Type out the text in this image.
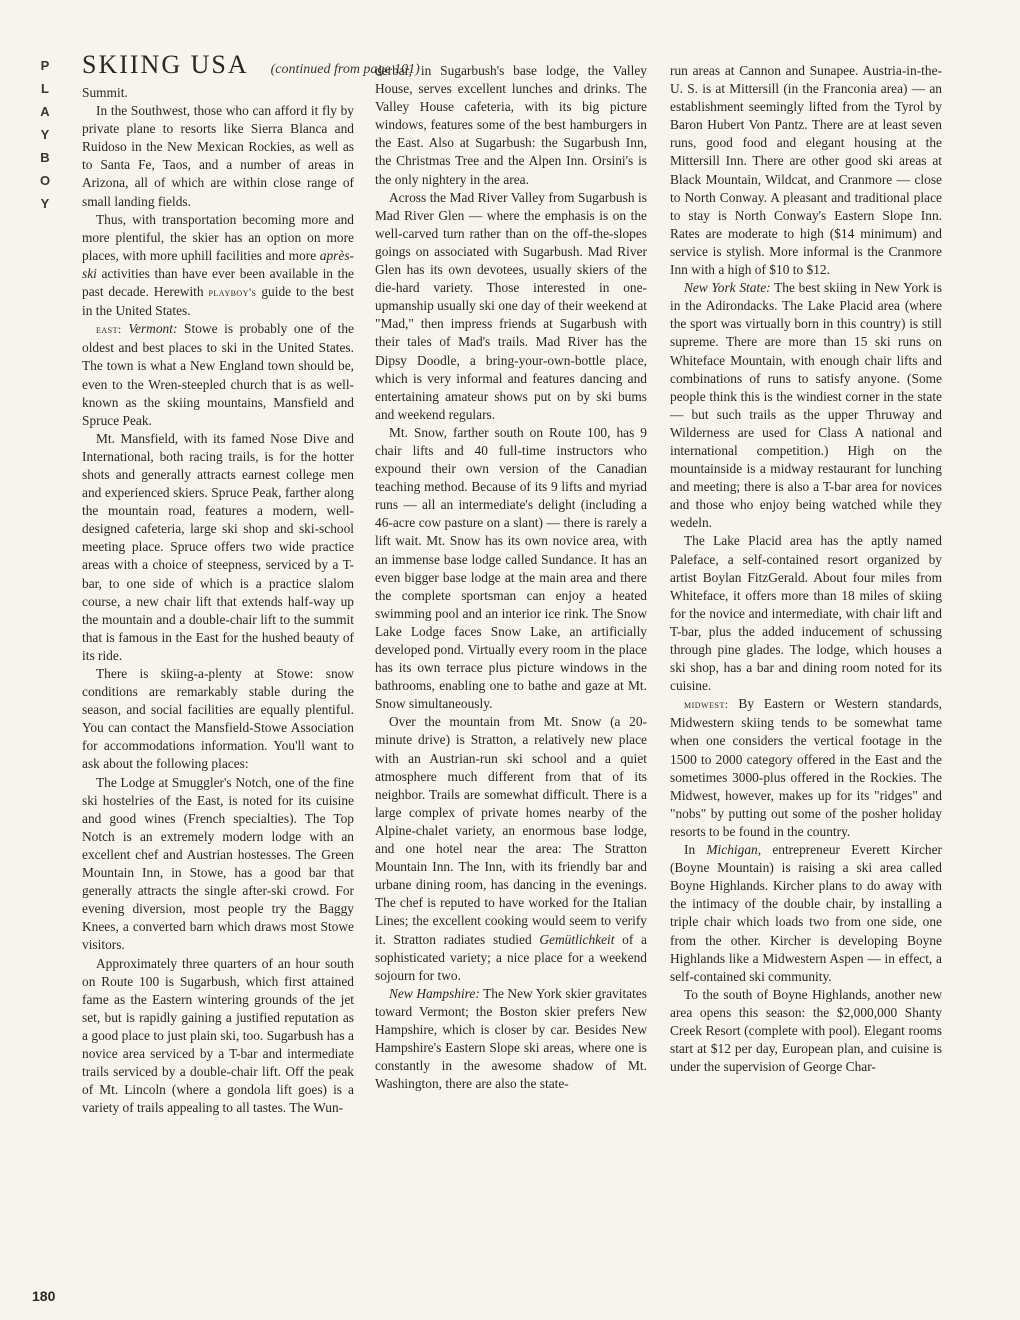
P
L
A
Y
B
O
Y
SKIING USA (continued from page 101)

Summit.

In the Southwest, those who can afford it fly by private plane to resorts like Sierra Blanca and Ruidoso in the New Mexican Rockies, as well as to Santa Fe, Taos, and a number of areas in Arizona, all of which are within close range of small landing fields.

Thus, with transportation becoming more and more plentiful, the skier has an option on more places, with more uphill facilities and more après-ski activities than have ever been available in the past decade. Herewith playboy's guide to the best in the United States.

east: Vermont: Stowe is probably one of the oldest and best places to ski in the United States. The town is what a New England town should be, even to the Wren-steepled church that is as well-known as the skiing mountains, Mansfield and Spruce Peak.

Mt. Mansfield, with its famed Nose Dive and International, both racing trails, is for the hotter shots and generally attracts earnest college men and experienced skiers. Spruce Peak, farther along the mountain road, features a modern, well-designed cafeteria, large ski shop and ski-school meeting place. Spruce offers two wide practice areas with a choice of steepness, serviced by a T-bar, to one side of which is a practice slalom course, a new chair lift that extends half-way up the mountain and a double-chair lift to the summit that is famous in the East for the hushed beauty of its ride.

There is skiing-a-plenty at Stowe: snow conditions are remarkably stable during the season, and social facilities are equally plentiful. You can contact the Mansfield-Stowe Association for accommodations information. You'll want to ask about the following places:

The Lodge at Smuggler's Notch, one of the fine ski hostelries of the East, is noted for its cuisine and good wines (French specialties). The Top Notch is an extremely modern lodge with an excellent chef and Austrian hostesses. The Green Mountain Inn, in Stowe, has a good bar that generally attracts the single after-ski crowd. For evening diversion, most people try the Baggy Knees, a converted barn which draws most Stowe visitors.

Approximately three quarters of an hour south on Route 100 is Sugarbush, which first attained fame as the Eastern wintering grounds of the jet set, but is rapidly gaining a justified reputation as a good place to just plain ski, too. Sugarbush has a novice area serviced by a T-bar and intermediate trails serviced by a double-chair lift. Off the peak of Mt. Lincoln (where a gondola lift goes) is a variety of trails appealing to all tastes. The Wun-

derbar, in Sugarbush's base lodge, the Valley House, serves excellent lunches and drinks. The Valley House cafeteria, with its big picture windows, features some of the best hamburgers in the East. Also at Sugarbush: the Sugarbush Inn, the Christmas Tree and the Alpen Inn. Orsini's is the only nightery in the area.

Across the Mad River Valley from Sugarbush is Mad River Glen — where the emphasis is on the well-carved turn rather than on the off-the-slopes goings on associated with Sugarbush. Mad River Glen has its own devotees, usually skiers of the die-hard variety. Those interested in one-upmanship usually ski one day of their weekend at "Mad," then impress friends at Sugarbush with their tales of Mad's trails. Mad River has the Dipsy Doodle, a bring-your-own-bottle place, which is very informal and features dancing and entertaining amateur shows put on by ski bums and weekend regulars.

Mt. Snow, farther south on Route 100, has 9 chair lifts and 40 full-time instructors who expound their own version of the Canadian teaching method. Because of its 9 lifts and myriad runs — all an intermediate's delight (including a 46-acre cow pasture on a slant) — there is rarely a lift wait. Mt. Snow has its own novice area, with an immense base lodge called Sundance. It has an even bigger base lodge at the main area and there the complete sportsman can enjoy a heated swimming pool and an interior ice rink. The Snow Lake Lodge faces Snow Lake, an artificially developed pond. Virtually every room in the place has its own terrace plus picture windows in the bathrooms, enabling one to bathe and gaze at Mt. Snow simultaneously.

Over the mountain from Mt. Snow (a 20-minute drive) is Stratton, a relatively new place with an Austrian-run ski school and a quiet atmosphere much different from that of its neighbor. Trails are somewhat difficult. There is a large complex of private homes nearby of the Alpine-chalet variety, an enormous base lodge, and one hotel near the area: The Stratton Mountain Inn. The Inn, with its friendly bar and urbane dining room, has dancing in the evenings. The chef is reputed to have worked for the Italian Lines; the excellent cooking would seem to verify it. Stratton radiates studied Gemütlichkeit of a sophisticated variety; a nice place for a weekend sojourn for two.

New Hampshire: The New York skier gravitates toward Vermont; the Boston skier prefers New Hampshire, which is closer by car. Besides New Hampshire's Eastern Slope ski areas, where one is constantly in the awesome shadow of Mt. Washington, there are also the state-

run areas at Cannon and Sunapee. Austria-in-the-U. S. is at Mittersill (in the Franconia area) — an establishment seemingly lifted from the Tyrol by Baron Hubert Von Pantz. There are at least seven runs, good food and elegant housing at the Mittersill Inn. There are other good ski areas at Black Mountain, Wildcat, and Cranmore — close to North Conway. A pleasant and traditional place to stay is North Conway's Eastern Slope Inn. Rates are moderate to high ($14 minimum) and service is stylish. More informal is the Cranmore Inn with a high of $10 to $12.

New York State: The best skiing in New York is in the Adirondacks. The Lake Placid area (where the sport was virtually born in this country) is still supreme. There are more than 15 ski runs on Whiteface Mountain, with enough chair lifts and combinations of runs to satisfy anyone. (Some people think this is the windiest corner in the state — but such trails as the upper Thruway and Wilderness are used for Class A national and international competition.) High on the mountainside is a midway restaurant for lunching and meeting; there is also a T-bar area for novices and those who enjoy being watched while they wedeln.

The Lake Placid area has the aptly named Paleface, a self-contained resort organized by artist Boylan FitzGerald. About four miles from Whiteface, it offers more than 18 miles of skiing for the novice and intermediate, with chair lift and T-bar, plus the added inducement of schussing through pine glades. The lodge, which houses a ski shop, has a bar and dining room noted for its cuisine.

midwest: By Eastern or Western standards, Midwestern skiing tends to be somewhat tame when one considers the vertical footage in the 1500 to 2000 category offered in the East and the sometimes 3000-plus offered in the Rockies. The Midwest, however, makes up for its "ridges" and "nobs" by putting out some of the posher holiday resorts to be found in the country.

In Michigan, entrepreneur Everett Kircher (Boyne Mountain) is raising a ski area called Boyne Highlands. Kircher plans to do away with the intimacy of the double chair, by installing a triple chair which loads two from one side, one from the other. Kircher is developing Boyne Highlands like a Midwestern Aspen — in effect, a self-contained ski community.

To the south of Boyne Highlands, another new area opens this season: the $2,000,000 Shanty Creek Resort (complete with pool). Elegant rooms start at $12 per day, European plan, and cuisine is under the supervision of George Char-

180
